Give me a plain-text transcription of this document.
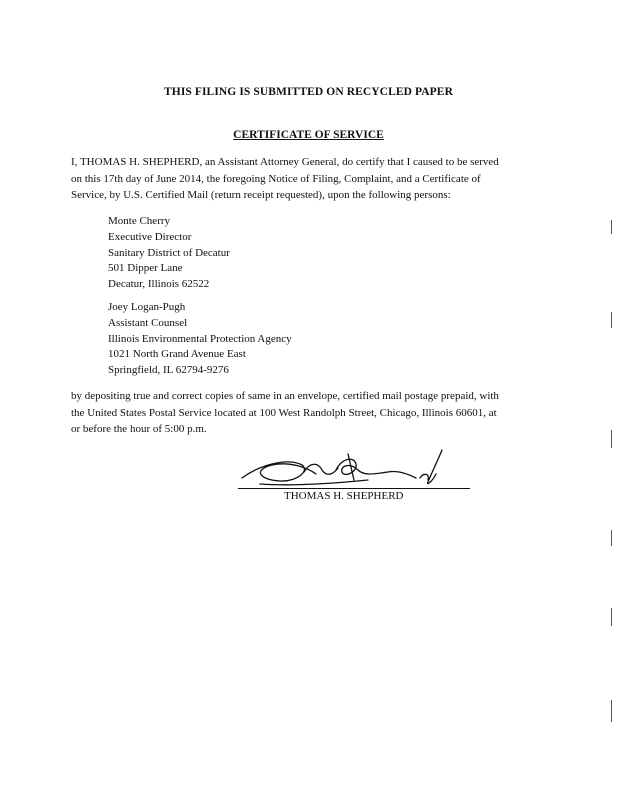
THIS FILING IS SUBMITTED ON RECYCLED PAPER
CERTIFICATE OF SERVICE

I, THOMAS H. SHEPHERD, an Assistant Attorney General, do certify that I caused to be served

on this 17th day of June 2014, the foregoing Notice of Filing, Complaint, and a Certificate of

Service, by U.S. Certified Mail (return receipt requested), upon the following persons:

Monte Cherry
Executive Director
Sanitary District of Decatur
501 Dipper Lane
Decatur, Illinois 62522
Joey Logan-Pugh
Assistant Counsel
Illinois Environmental Protection Agency
1021 North Grand Avenue East
Springfield, IL 62794-9276

by depositing true and correct copies of same in an envelope, certified mail postage prepaid, with

the United States Postal Service located at 100 West Randolph Street, Chicago, Illinois 60601, at

or before the hour of 5:00 p.m.

THOMAS H. SHEPHERD
